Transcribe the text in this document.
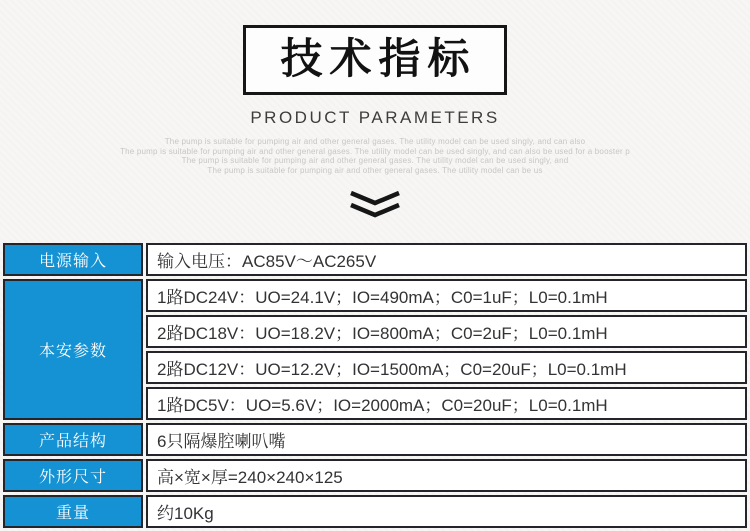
技术指标
PRODUCT PARAMETERS
The pump is suitable for pumping air and other general gases. The utility model can be used singly, and can also
The pump is suitable for pumping air and other general gases. The utility model can be used singly, and can also be used for a booster p
The pump is suitable for pumping air and other general gases. The utility model can be used singly, and
The pump is suitable for pumping air and other general gases. The utility model can be us
电源输入	输入电压：AC85V～AC265V
本安参数	1路DC24V：UO=24.1V；IO=490mA；C0=1uF；L0=0.1mH
	2路DC18V：UO=18.2V；IO=800mA；C0=2uF；L0=0.1mH
	2路DC12V：UO=12.2V；IO=1500mA；C0=20uF；L0=0.1mH
	1路DC5V：UO=5.6V；IO=2000mA；C0=20uF；L0=0.1mH
产品结构	6只隔爆腔喇叭嘴
外形尺寸	高×宽×厚=240×240×125
重量	约10Kg
